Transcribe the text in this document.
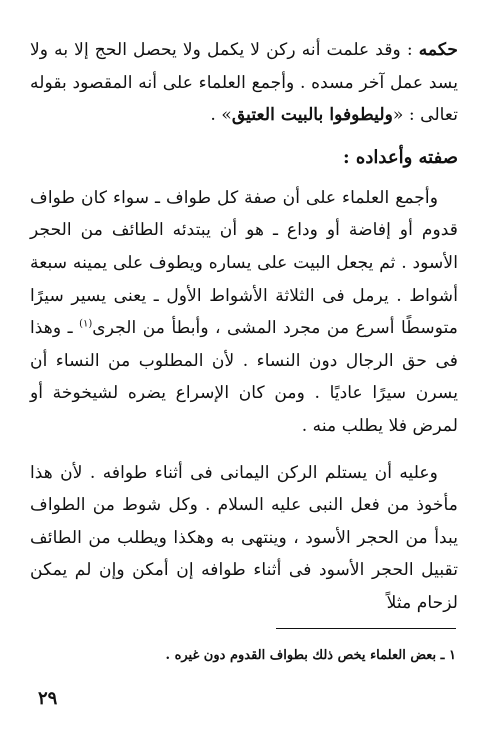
حكمه : وقد علمت أنه ركن لا يكمل ولا يحصل الحج إلا به ولا يسد عمل آخر مسده . وأجمع العلماء على أنه المقصود بقوله تعالى : «وليطوفوا بالبيت العتيق» .

صفته وأعداده :

وأجمع العلماء على أن صفة كل طواف ـ سواء كان طواف قدوم أو إفاضة أو وداع ـ هو أن يبتدئه الطائف من الحجر الأسود . ثم يجعل البيت على يساره ويطوف على يمينه سبعة أشواط . يرمل فى الثلاثة الأشواط الأول ـ يعنى يسير سيرًا متوسطًا أسرع من مجرد المشى ، وأبطأ من الجرى$^{(١)}$ ـ وهذا فى حق الرجال دون النساء . لأن المطلوب من النساء أن يسرن سيرًا عاديًا . ومن كان الإسراع يضره لشيخوخة أو لمرض فلا يطلب منه .

وعليه أن يستلم الركن اليمانى فى أثناء طوافه . لأن هذا مأخوذ من فعل النبى عليه السلام . وكل شوط من الطواف يبدأ من الحجر الأسود ، وينتهى به وهكذا ويطلب من الطائف تقبيل الحجر الأسود فى أثناء طوافه إن أمكن وإن لم يمكن لزحام مثلاً

١ ـ بعض العلماء يخص ذلك بطواف القدوم دون غيره .
٢٩
